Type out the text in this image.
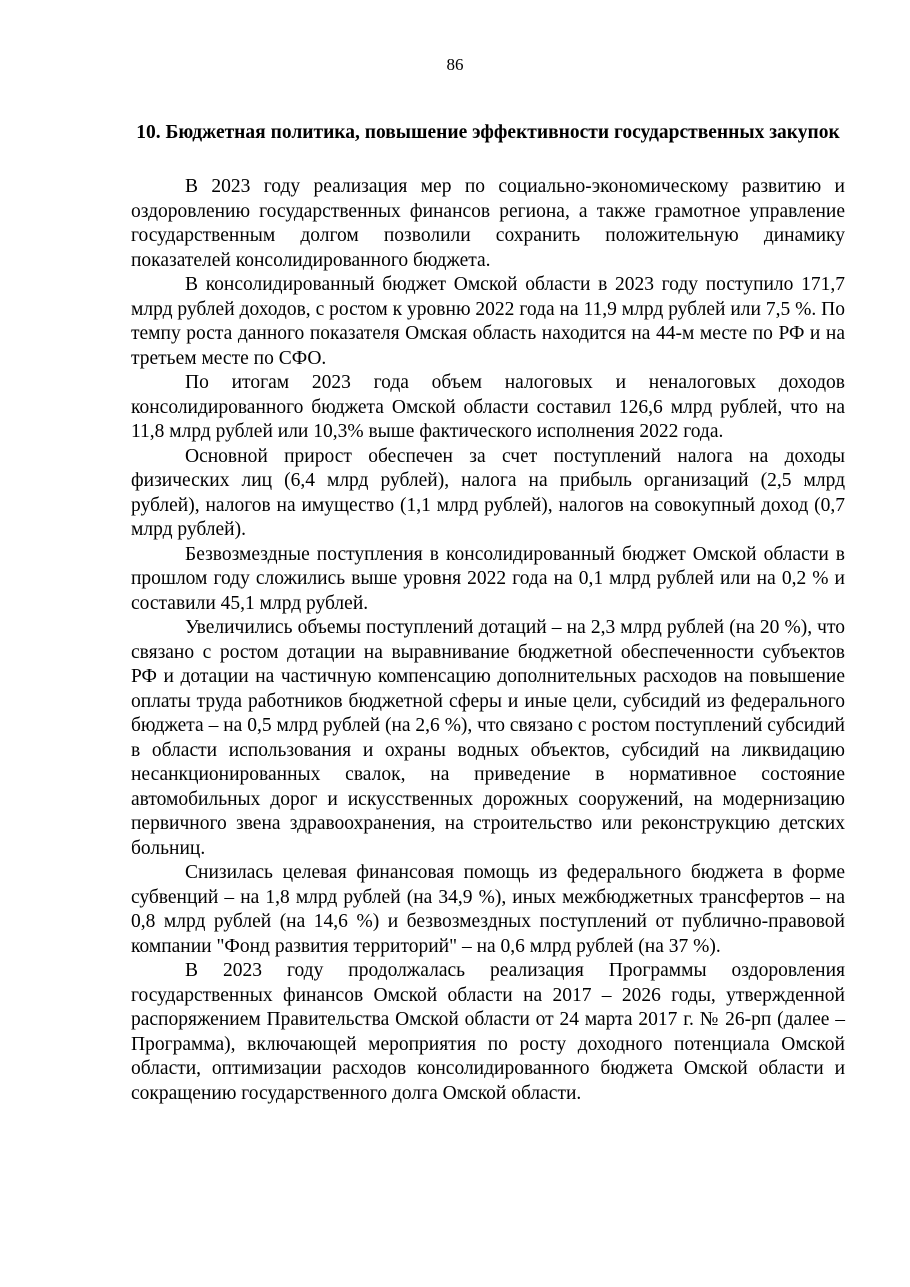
86
10. Бюджетная политика, повышение эффективности государственных закупок

В 2023 году реализация мер по социально-экономическому развитию и оздоровлению государственных финансов региона, а также грамотное управление государственным долгом позволили сохранить положительную динамику показателей консолидированного бюджета.

В консолидированный бюджет Омской области в 2023 году поступило 171,7 млрд рублей доходов, с ростом к уровню 2022 года на 11,9 млрд рублей или 7,5 %. По темпу роста данного показателя Омская область находится на 44-м месте по РФ и на третьем месте по СФО.

По итогам 2023 года объем налоговых и неналоговых доходов консолидированного бюджета Омской области составил 126,6 млрд рублей, что на 11,8 млрд рублей или 10,3% выше фактического исполнения 2022 года.

Основной прирост обеспечен за счет поступлений налога на доходы физических лиц (6,4 млрд рублей), налога на прибыль организаций (2,5 млрд рублей), налогов на имущество (1,1 млрд рублей), налогов на совокупный доход (0,7 млрд рублей).

Безвозмездные поступления в консолидированный бюджет Омской области в прошлом году сложились выше уровня 2022 года на 0,1 млрд рублей или на 0,2 % и составили 45,1 млрд рублей.

Увеличились объемы поступлений дотаций – на 2,3 млрд рублей (на 20 %), что связано с ростом дотации на выравнивание бюджетной обеспеченности субъектов РФ и дотации на частичную компенсацию дополнительных расходов на повышение оплаты труда работников бюджетной сферы и иные цели, субсидий из федерального бюджета – на 0,5 млрд рублей (на 2,6 %), что связано с ростом поступлений субсидий в области использования и охраны водных объектов, субсидий на ликвидацию несанкционированных свалок, на приведение в нормативное состояние автомобильных дорог и искусственных дорожных сооружений, на модернизацию первичного звена здравоохранения, на строительство или реконструкцию детских больниц.

Снизилась целевая финансовая помощь из федерального бюджета в форме субвенций – на 1,8 млрд рублей (на 34,9 %), иных межбюджетных трансфертов – на 0,8 млрд рублей (на 14,6 %) и безвозмездных поступлений от публично-правовой компании "Фонд развития территорий" – на 0,6 млрд рублей (на 37 %).

В 2023 году продолжалась реализация Программы оздоровления государственных финансов Омской области на 2017 – 2026 годы, утвержденной распоряжением Правительства Омской области от 24 марта 2017 г. № 26-рп (далее – Программа), включающей мероприятия по росту доходного потенциала Омской области, оптимизации расходов консолидированного бюджета Омской области и сокращению государственного долга Омской области.
